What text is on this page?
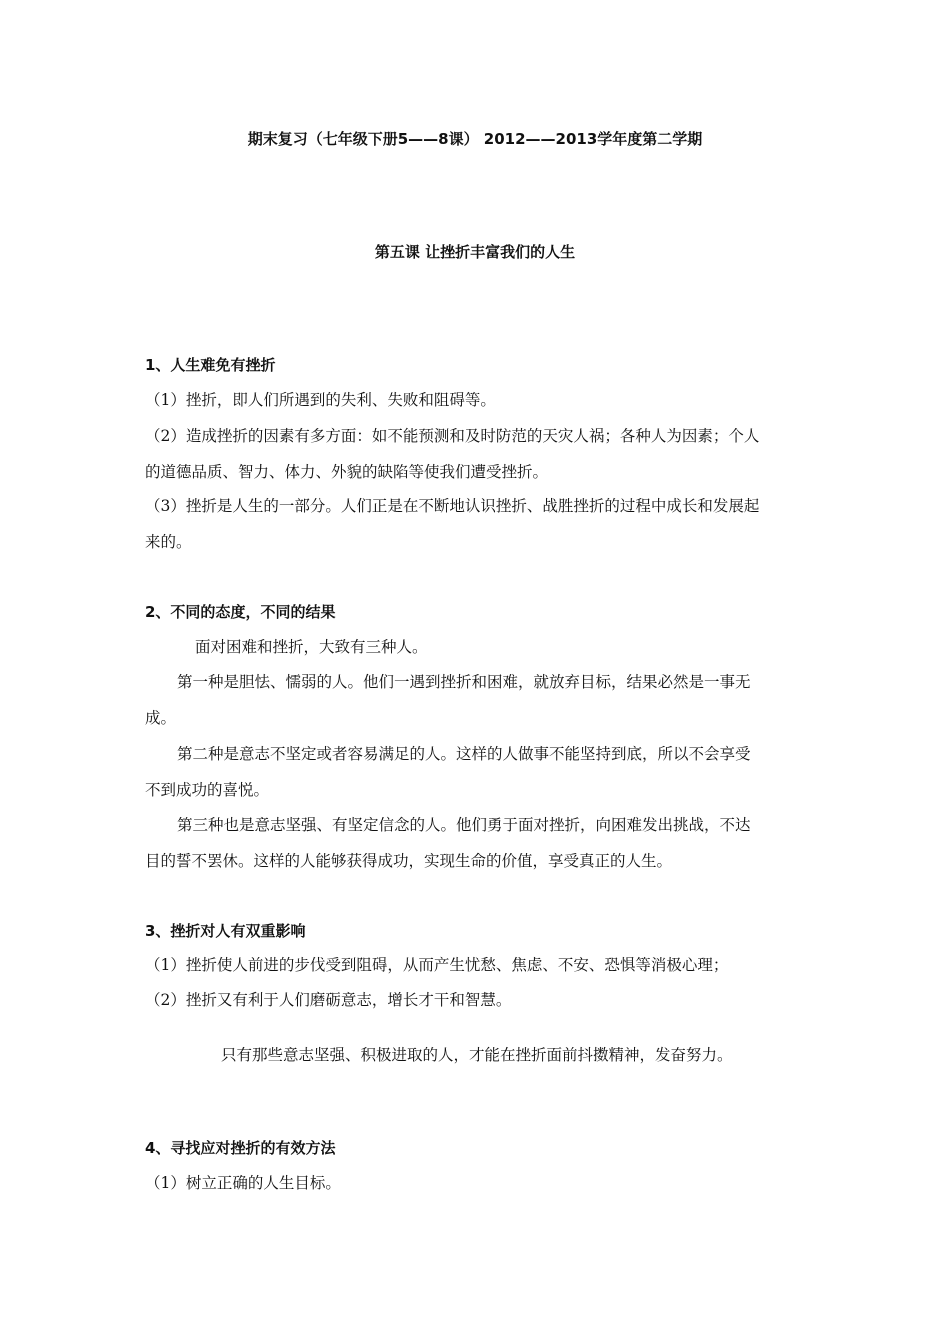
期末复习（七年级下册5——8课） 2012——2013学年度第二学期
第五课 让挫折丰富我们的人生
1、人生难免有挫折
（1）挫折，即人们所遇到的失利、失败和阻碍等。
（2）造成挫折的因素有多方面：如不能预测和及时防范的天灾人祸；各种人为因素；个人
的道德品质、智力、体力、外貌的缺陷等使我们遭受挫折。
（3）挫折是人生的一部分。人们正是在不断地认识挫折、战胜挫折的过程中成长和发展起
来的。
2、不同的态度，不同的结果
面对困难和挫折，大致有三种人。
第一种是胆怯、懦弱的人。他们一遇到挫折和困难，就放弃目标，结果必然是一事无
成。
第二种是意志不坚定或者容易满足的人。这样的人做事不能坚持到底，所以不会享受
不到成功的喜悦。
第三种也是意志坚强、有坚定信念的人。他们勇于面对挫折，向困难发出挑战，不达
目的誓不罢休。这样的人能够获得成功，实现生命的价值，享受真正的人生。
3、挫折对人有双重影响
（1）挫折使人前进的步伐受到阻碍，从而产生忧愁、焦虑、不安、恐惧等消极心理；
（2）挫折又有利于人们磨砺意志，增长才干和智慧。
只有那些意志坚强、积极进取的人，才能在挫折面前抖擞精神，发奋努力。
4、寻找应对挫折的有效方法
（1）树立正确的人生目标。
